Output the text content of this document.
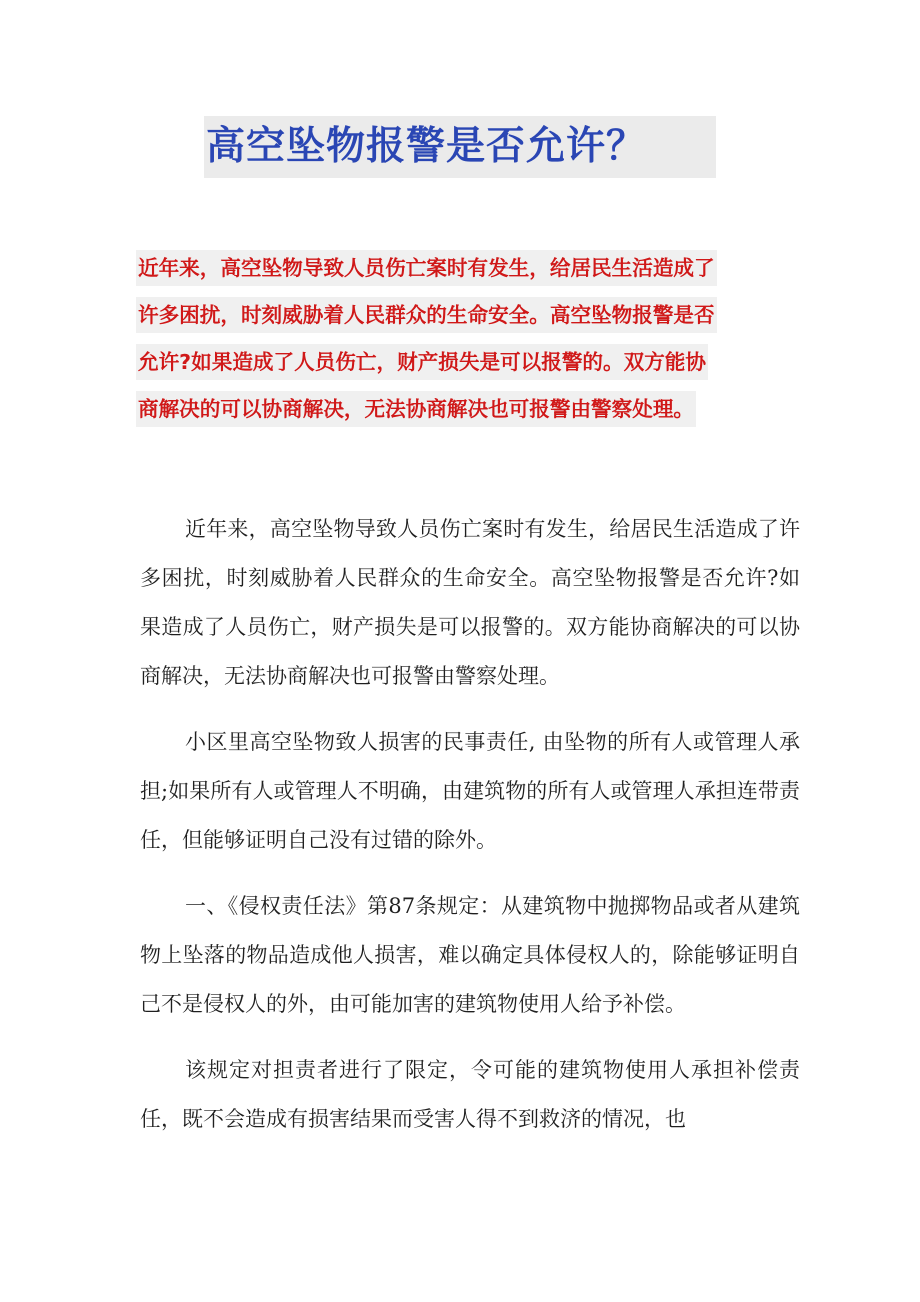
高空坠物报警是否允许？
近年来，高空坠物导致人员伤亡案时有发生，给居民生活造成了
许多困扰，时刻威胁着人民群众的生命安全。高空坠物报警是否
允许?如果造成了人员伤亡，财产损失是可以报警的。双方能协
商解决的可以协商解决，无法协商解决也可报警由警察处理。

近年来，高空坠物导致人员伤亡案时有发生，给居民生活造成了许多困扰，时刻威胁着人民群众的生命安全。高空坠物报警是否允许?如果造成了人员伤亡，财产损失是可以报警的。双方能协商解决的可以协商解决，无法协商解决也可报警由警察处理。

小区里高空坠物致人损害的民事责任, 由坠物的所有人或管理人承担;如果所有人或管理人不明确，由建筑物的所有人或管理人承担连带责任，但能够证明自己没有过错的除外。

一、《侵权责任法》第87条规定：从建筑物中抛掷物品或者从建筑物上坠落的物品造成他人损害，难以确定具体侵权人的，除能够证明自己不是侵权人的外，由可能加害的建筑物使用人给予补偿。

该规定对担责者进行了限定，令可能的建筑物使用人承担补偿责任，既不会造成有损害结果而受害人得不到救济的情况，也
